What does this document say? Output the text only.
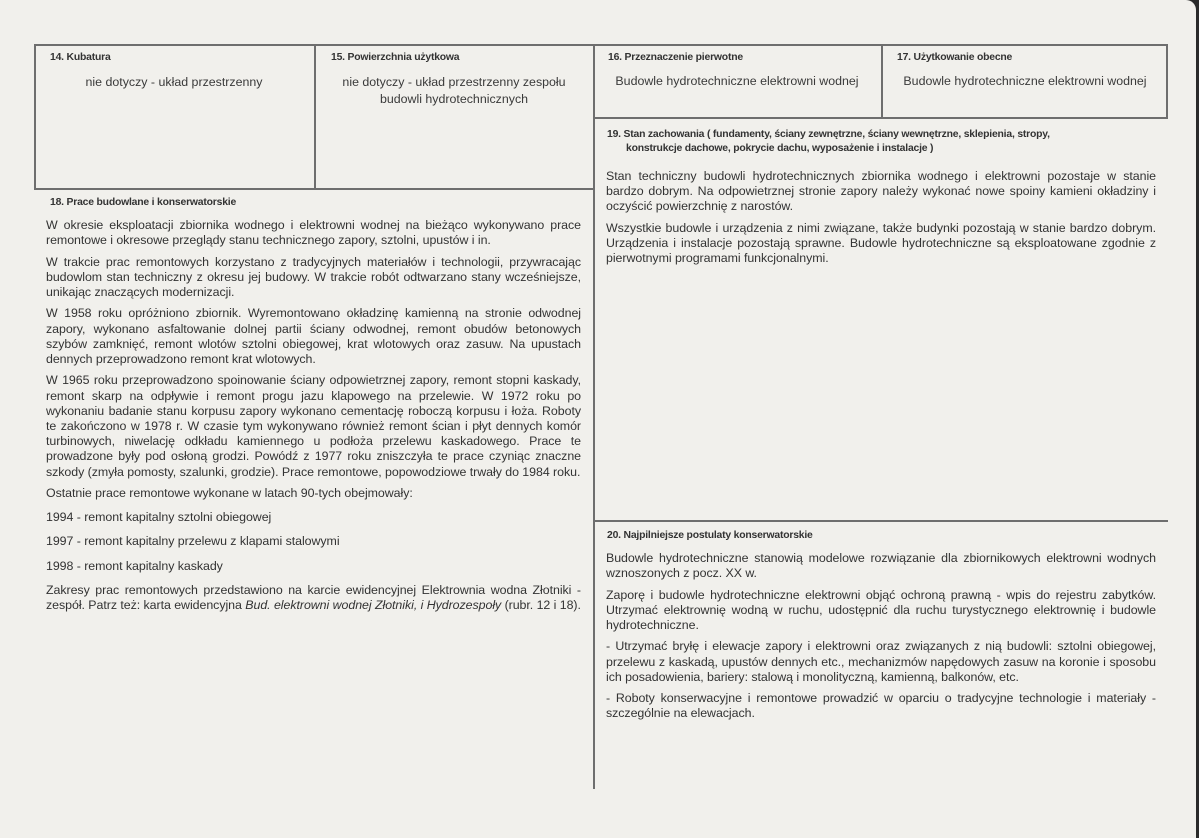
14. Kubatura
nie dotyczy - układ przestrzenny
15. Powierzchnia użytkowa
nie dotyczy - układ przestrzenny zespołu budowli hydrotechnicznych
16. Przeznaczenie pierwotne
Budowle hydrotechniczne elektrowni wodnej
17. Użytkowanie obecne
Budowle hydrotechniczne elektrowni wodnej
18. Prace budowlane i konserwatorskie

W okresie eksploatacji zbiornika wodnego i elektrowni wodnej na bieżąco wykonywano prace remontowe i okresowe przeglądy stanu technicznego zapory, sztolni, upustów i in.

W trakcie prac remontowych korzystano z tradycyjnych materiałów i technologii, przywracając budowlom stan techniczny z okresu jej budowy. W trakcie robót odtwarzano stany wcześniejsze, unikając znaczących modernizacji.

W 1958 roku opróżniono zbiornik. Wyremontowano okładzinę kamienną na stronie odwodnej zapory, wykonano asfaltowanie dolnej partii ściany odwodnej, remont obudów betonowych szybów zamknięć, remont wlotów sztolni obiegowej, krat wlotowych oraz zasuw. Na upustach dennych przeprowadzono remont krat wlotowych.

W 1965 roku przeprowadzono spoinowanie ściany odpowietrznej zapory, remont stopni kaskady, remont skarp na odpływie i remont progu jazu klapowego na przelewie. W 1972 roku po wykonaniu badanie stanu korpusu zapory wykonano cementację roboczą korpusu i łoża. Roboty te zakończono w 1978 r. W czasie tym wykonywano również remont ścian i płyt dennych komór turbinowych, niwelację odkładu kamiennego u podłoża przelewu kaskadowego. Prace te prowadzone były pod osłoną grodzi. Powódź z 1977 roku zniszczyła te prace czyniąc znaczne szkody (zmyła pomosty, szalunki, grodzie). Prace remontowe, popowodziowe trwały do 1984 roku.

Ostatnie prace remontowe wykonane w latach 90-tych obejmowały:

1994 - remont kapitalny sztolni obiegowej

1997 - remont kapitalny przelewu z klapami stalowymi

1998 - remont kapitalny kaskady

Zakresy prac remontowych przedstawiono na karcie ewidencyjnej Elektrownia wodna Złotniki - zespół. Patrz też: karta ewidencyjna Bud. elektrowni wodnej Złotniki, i Hydrozespoły (rubr. 12 i 18).

19. Stan zachowania ( fundamenty, ściany zewnętrzne, ściany wewnętrzne, sklepienia, stropy,
konstrukcje dachowe, pokrycie dachu, wyposażenie i instalacje )

Stan techniczny budowli hydrotechnicznych zbiornika wodnego i elektrowni pozostaje w stanie bardzo dobrym. Na odpowietrznej stronie zapory należy wykonać nowe spoiny kamieni okładziny i oczyścić powierzchnię z narostów.

Wszystkie budowle i urządzenia z nimi związane, także budynki pozostają w stanie bardzo dobrym. Urządzenia i instalacje pozostają sprawne. Budowle hydrotechniczne są eksploatowane zgodnie z pierwotnymi programami funkcjonalnymi.

20. Najpilniejsze postulaty konserwatorskie

Budowle hydrotechniczne stanowią modelowe rozwiązanie dla zbiornikowych elektrowni wodnych wznoszonych z pocz. XX w.

Zaporę i budowle hydrotechniczne elektrowni objąć ochroną prawną - wpis do rejestru zabytków. Utrzymać elektrownię wodną w ruchu, udostępnić dla ruchu turystycznego elektrownię i budowle hydrotechniczne.

- Utrzymać bryłę i elewacje zapory i elektrowni oraz związanych z nią budowli: sztolni obiegowej, przelewu z kaskadą, upustów dennych etc., mechanizmów napędowych zasuw na koronie i sposobu ich posadowienia, bariery: stalową i monolityczną, kamienną, balkonów, etc.

- Roboty konserwacyjne i remontowe prowadzić w oparciu o tradycyjne technologie i materiały - szczególnie na elewacjach.
